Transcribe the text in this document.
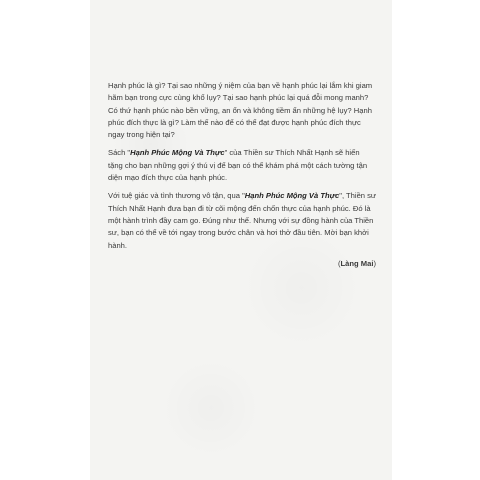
Hạnh phúc là gì? Tại sao những ý niệm của bạn về hạnh phúc lại lắm khi giam hãm bạn trong cực cùng khổ lụy? Tại sao hạnh phúc lại quá đỗi mong manh? Có thứ hạnh phúc nào bền vững, an ổn và không tiềm ẩn những hệ lụy? Hạnh phúc đích thực là gì? Làm thế nào để có thể đạt được hạnh phúc đích thực ngay trong hiện tại?

Sách "Hạnh Phúc Mộng Và Thực" của Thiền sư Thích Nhất Hạnh sẽ hiến tặng cho bạn những gợi ý thú vị để bạn có thể khám phá một cách tường tận diện mạo đích thực của hạnh phúc.

Với tuệ giác và tình thương vô tận, qua "Hạnh Phúc Mộng Và Thực", Thiền sư Thích Nhất Hạnh đưa bạn đi từ cõi mộng đến chốn thực của hạnh phúc. Đó là một hành trình đầy cam go. Đúng như thế. Nhưng với sự đồng hành của Thiền sư, bạn có thể về tới ngay trong bước chân và hơi thở đầu tiên. Mời bạn khởi hành.

(Làng Mai)
